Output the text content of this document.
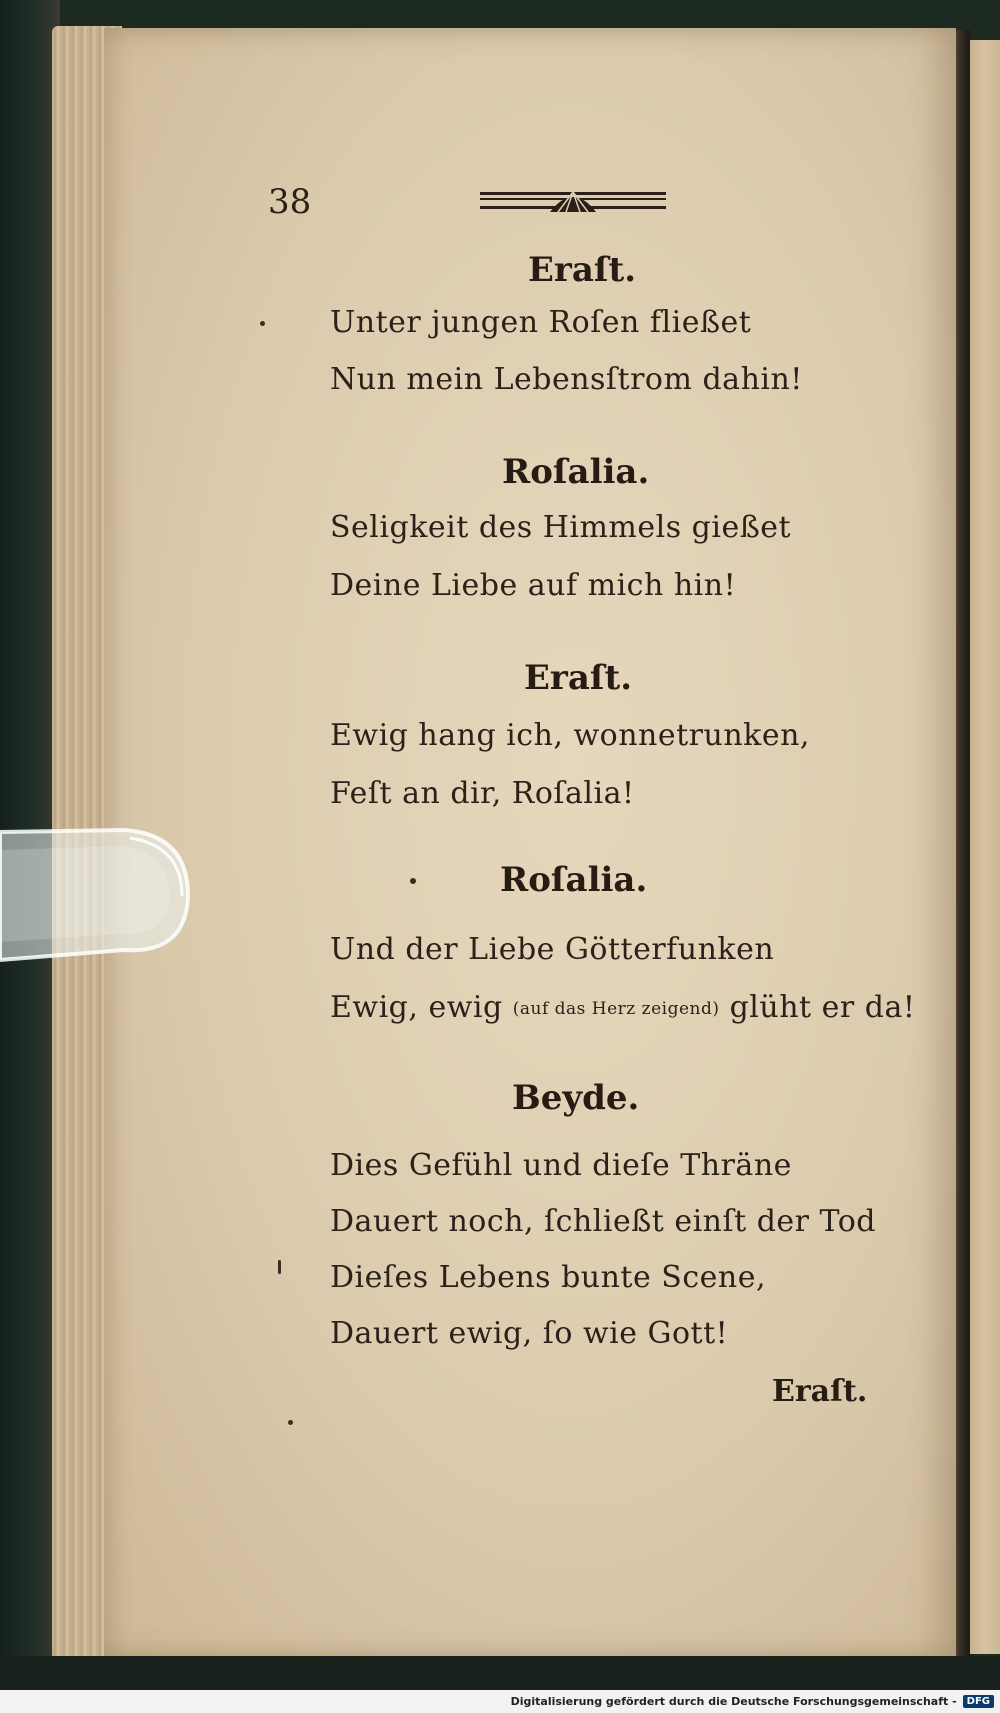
38
Eraſt.
Unter jungen Roſen fließet
Nun mein Lebensſtrom dahin!
Roſalia.
Seligkeit des Himmels gießet
Deine Liebe auf mich hin!
Eraſt.
Ewig hang ich, wonnetrunken,
Feſt an dir, Roſalia!
Roſalia.
Und der Liebe Götterfunken
Ewig, ewig (auf das Herz zeigend) glüht er da!
Beyde.
Dies Gefühl und dieſe Thräne
Dauert noch, ſchließt einſt der Tod
Dieſes Lebens bunte Scene,
Dauert ewig, ſo wie Gott!
Eraſt.
Digitalisierung gefördert durch die Deutsche Forschungsgemeinschaft -	DFG
